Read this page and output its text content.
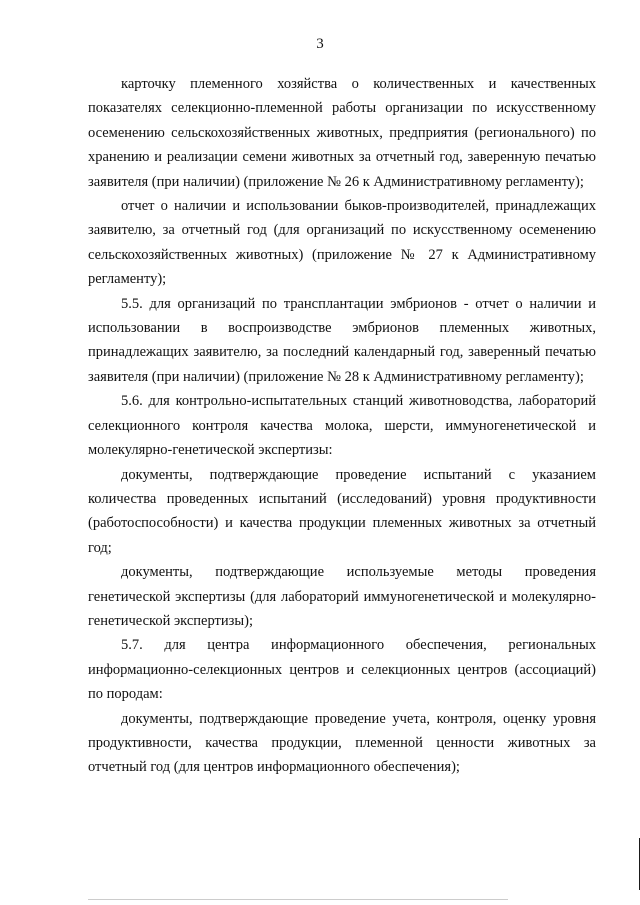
3

карточку племенного хозяйства о количественных и качественных показателях селекционно-племенной работы организации по искусственному осеменению сельскохозяйственных животных, предприятия (регионального) по хранению и реализации семени животных за отчетный год, заверенную печатью заявителя (при наличии) (приложение № 26 к Административному регламенту);

отчет о наличии и использовании быков-производителей, принадлежащих заявителю, за отчетный год (для организаций по искусственному осеменению сельскохозяйственных животных) (приложение № 27 к Административному регламенту);

5.5. для организаций по трансплантации эмбрионов - отчет о наличии и использовании в воспроизводстве эмбрионов племенных животных, принадлежащих заявителю, за последний календарный год, заверенный печатью заявителя (при наличии) (приложение № 28 к Административному регламенту);

5.6. для контрольно-испытательных станций животноводства, лабораторий селекционного контроля качества молока, шерсти, иммуногенетической и молекулярно-генетической экспертизы:

документы, подтверждающие проведение испытаний с указанием количества проведенных испытаний (исследований) уровня продуктивности (работоспособности) и качества продукции племенных животных за отчетный год;

документы, подтверждающие используемые методы проведения генетической экспертизы (для лабораторий иммуногенетической и молекулярно-генетической экспертизы);

5.7. для центра информационного обеспечения, региональных информационно-селекционных центров и селекционных центров (ассоциаций) по породам:

документы, подтверждающие проведение учета, контроля, оценку уровня продуктивности, качества продукции, племенной ценности животных за отчетный год (для центров информационного обеспечения);
